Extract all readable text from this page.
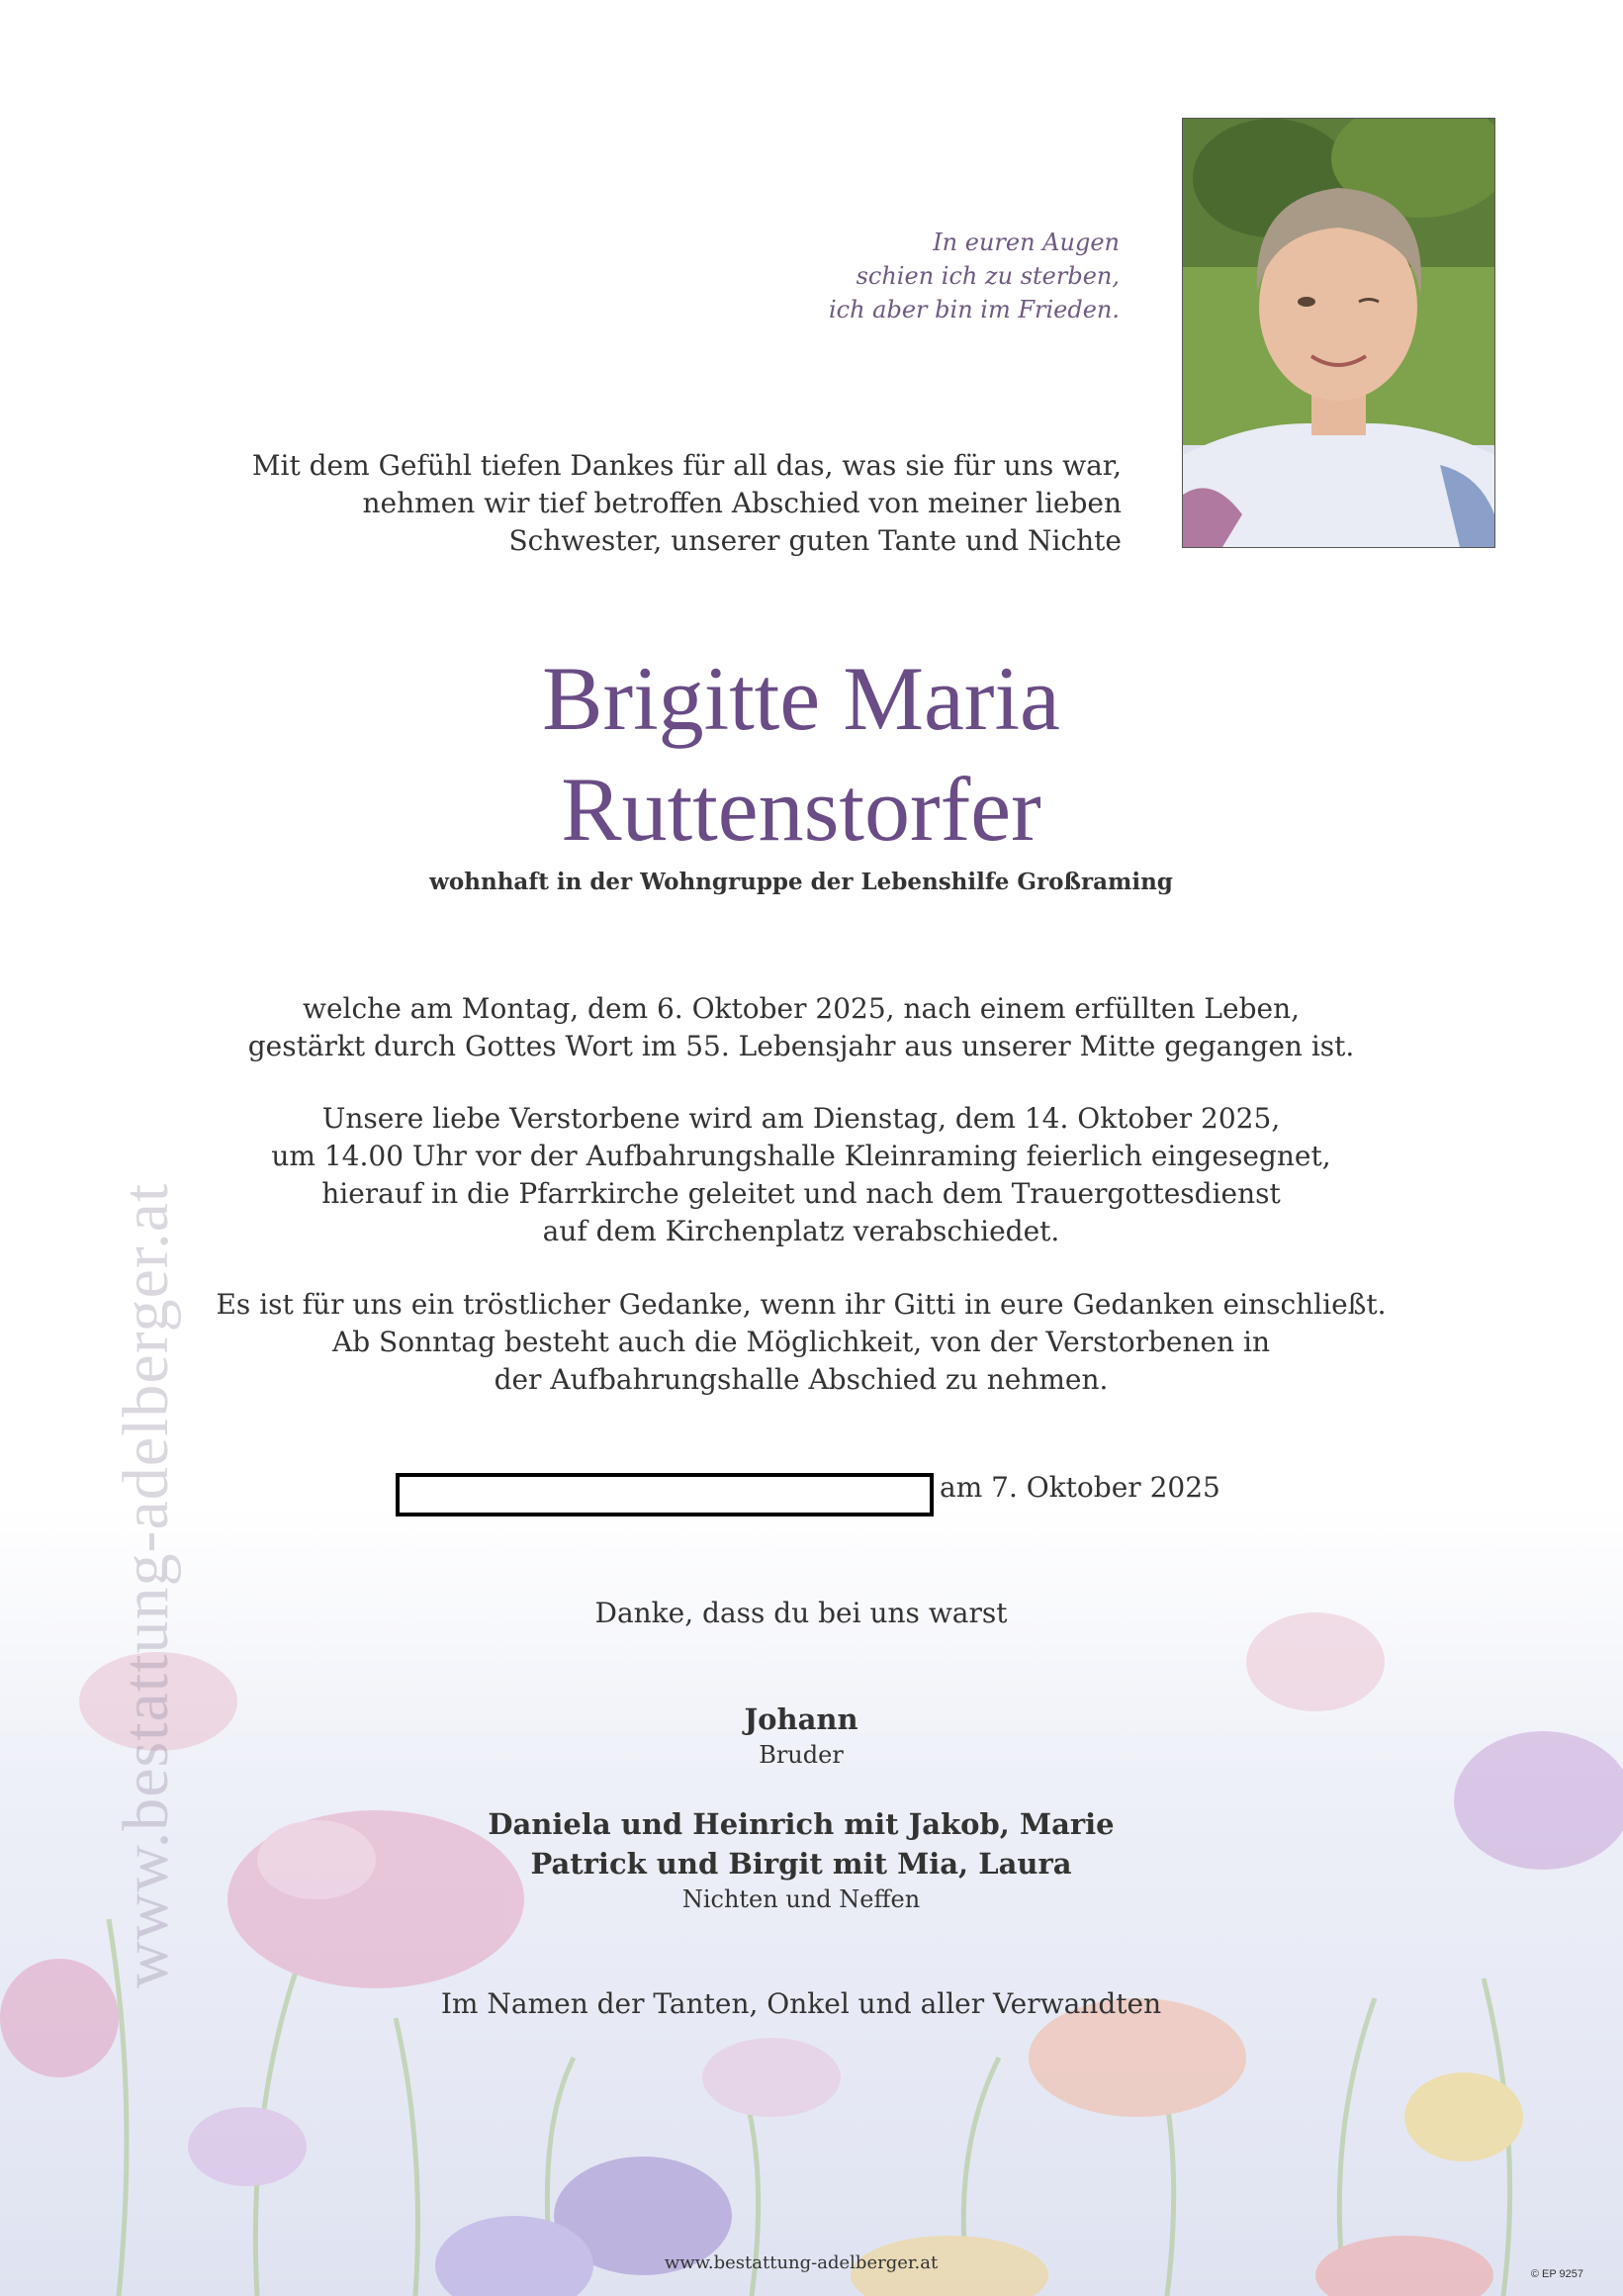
www.bestattung-adelberger.at
In euren Augen
schien ich zu sterben,
ich aber bin im Frieden.
Mit dem Gefühl tiefen Dankes für all das, was sie für uns war,
nehmen wir tief betroffen Abschied von meiner lieben
Schwester, unserer guten Tante und Nichte
Brigitte Maria
Ruttenstorfer
wohnhaft in der Wohngruppe der Lebenshilfe Großraming
welche am Montag, dem 6. Oktober 2025, nach einem erfüllten Leben,
gestärkt durch Gottes Wort im 55. Lebensjahr aus unserer Mitte gegangen ist.
Unsere liebe Verstorbene wird am Dienstag, dem 14. Oktober 2025,
um 14.00 Uhr vor der Aufbahrungshalle Kleinraming feierlich eingesegnet,
hierauf in die Pfarrkirche geleitet und nach dem Trauergottesdienst
auf dem Kirchenplatz verabschiedet.
Es ist für uns ein tröstlicher Gedanke, wenn ihr Gitti in eure Gedanken einschließt.
Ab Sonntag besteht auch die Möglichkeit, von der Verstorbenen in
der Aufbahrungshalle Abschied zu nehmen.
am 7. Oktober 2025
Danke, dass du bei uns warst
Johann
Bruder
Daniela und Heinrich mit Jakob, Marie
Patrick und Birgit mit Mia, Laura
Nichten und Neffen
Im Namen der Tanten, Onkel und aller Verwandten
www.bestattung-adelberger.at
© EP 9257
